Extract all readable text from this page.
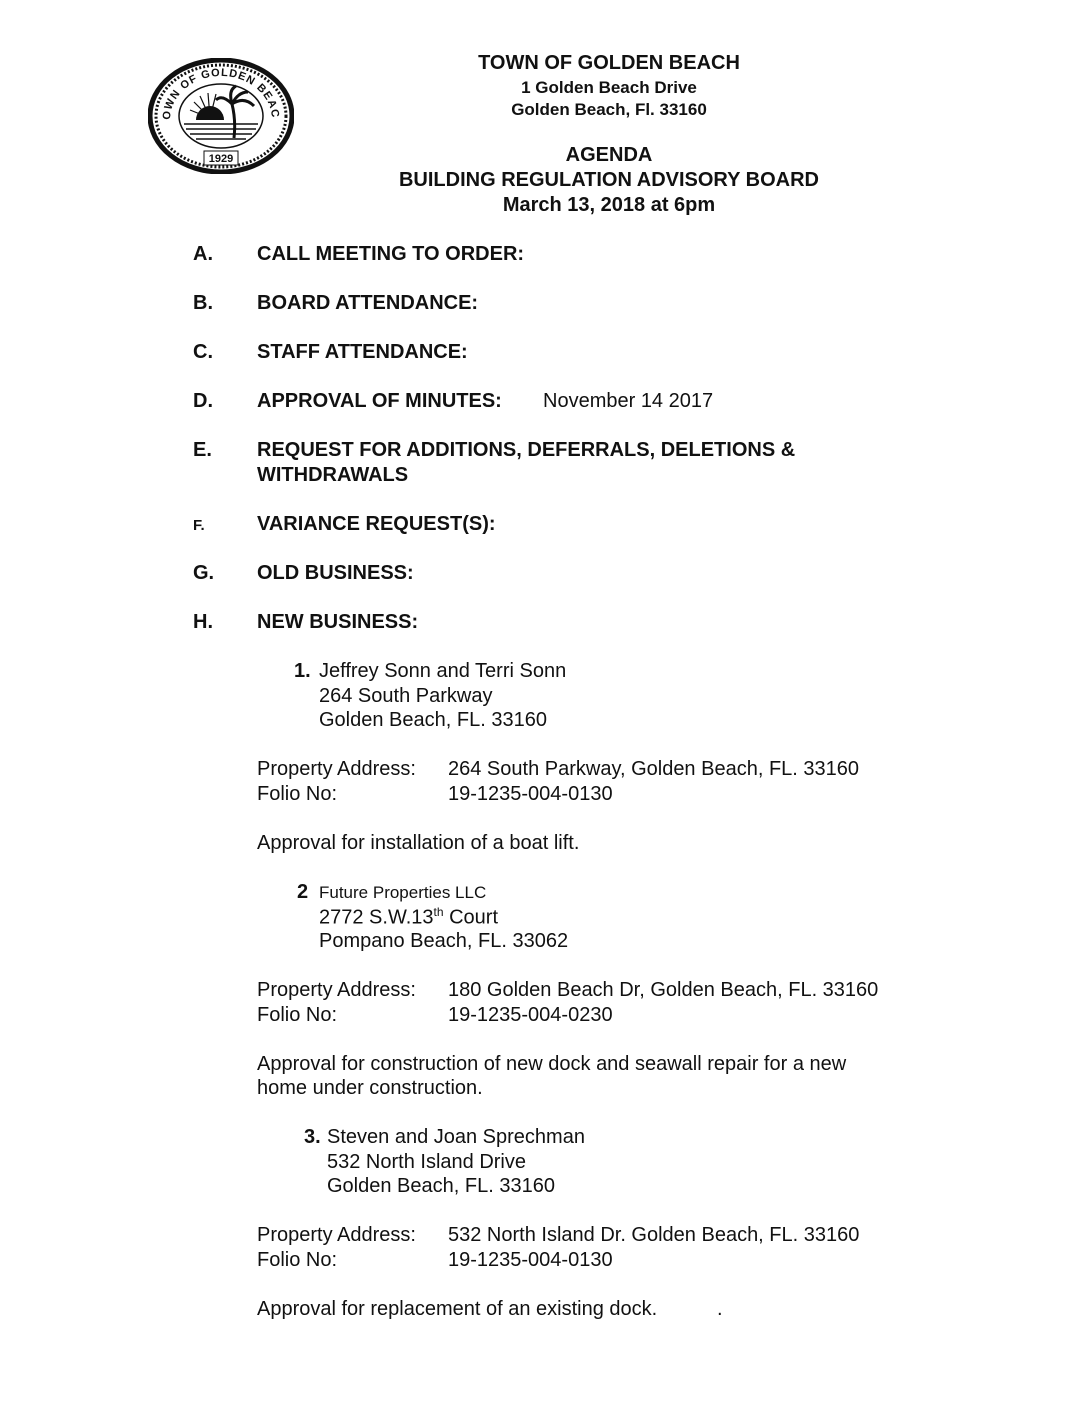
OWN OF GOLDEN BEAC
1929
TOWN OF GOLDEN BEACH
1 Golden Beach Drive
Golden Beach, Fl. 33160
AGENDA
BUILDING REGULATION ADVISORY BOARD
March 13, 2018 at 6pm
A. CALL MEETING TO ORDER:
B. BOARD ATTENDANCE:
C. STAFF ATTENDANCE:
D. APPROVAL OF MINUTES: November 14 2017
E. REQUEST FOR ADDITIONS, DEFERRALS, DELETIONS &
WITHDRAWALS
F.	VARIANCE REQUEST(S):
G. OLD BUSINESS:
H. NEW BUSINESS:
1. Jeffrey Sonn and Terri Sonn
264 South Parkway
Golden Beach, FL. 33160
Property Address: 264 South Parkway, Golden Beach, FL. 33160
Folio No:	19-1235-004-0130
Approval for installation of a boat lift.
2 Future Properties LLC
2772 S.W.13th Court
Pompano Beach, FL. 33062
Property Address: 180 Golden Beach Dr, Golden Beach, FL. 33160
Folio No:	19-1235-004-0230
Approval for construction of new dock and seawall repair for a new
home under construction.
3. Steven and Joan Sprechman
532 North Island Drive
Golden Beach, FL. 33160
Property Address: 532 North Island Dr. Golden Beach, FL. 33160
Folio No:	19-1235-004-0130
Approval for replacement of an existing dock.	.
